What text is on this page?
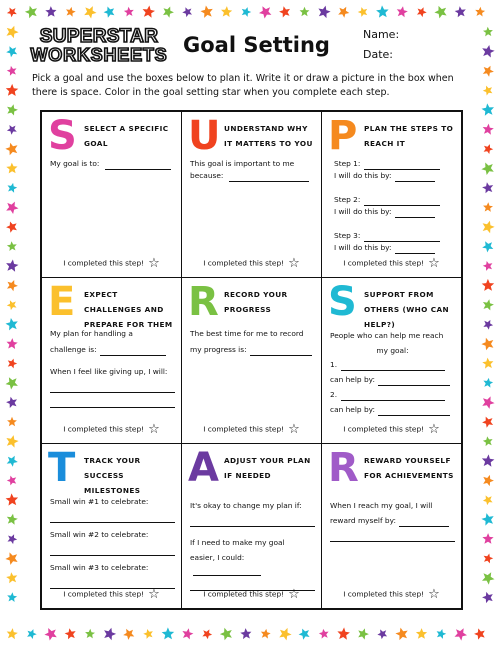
SUPERSTAR
WORKSHEETS Goal Setting	Name:
Date:
Pick a goal and use the boxes below to plan it. Write it or draw a picture in the box when there is space. Color in the goal setting star when you complete each step.
S SELECT A SPECIFIC GOAL
My goal is to:
I completed this step! ☆
U UNDERSTAND WHY IT MATTERS TO YOU
This goal is important to me
because:
I completed this step! ☆
P PLAN THE STEPS TO REACH IT
Step 1:
I will do this by:
Step 2:
I will do this by:
Step 3:
I will do this by:
I completed this step! ☆
E EXPECT CHALLENGES AND PREPARE FOR THEM
My plan for handling a
challenge is:
When I feel like giving up, I will:
I completed this step! ☆
R RECORD YOUR PROGRESS
The best time for me to record
my progress is:
I completed this step! ☆
S SUPPORT FROM OTHERS (WHO CAN HELP?)
People who can help me reach
my goal:
1.
can help by:
2.
can help by:
I completed this step! ☆
T TRACK YOUR SUCCESS MILESTONES
Small win #1 to celebrate:
Small win #2 to celebrate:
Small win #3 to celebrate:
I completed this step! ☆
A ADJUST YOUR PLAN IF NEEDED
It's okay to change my plan if:
If I need to make my goal
easier, I could:
I completed this step! ☆
R REWARD YOURSELF FOR ACHIEVEMENTS
When I reach my goal, I will
reward myself by:
I completed this step! ☆
